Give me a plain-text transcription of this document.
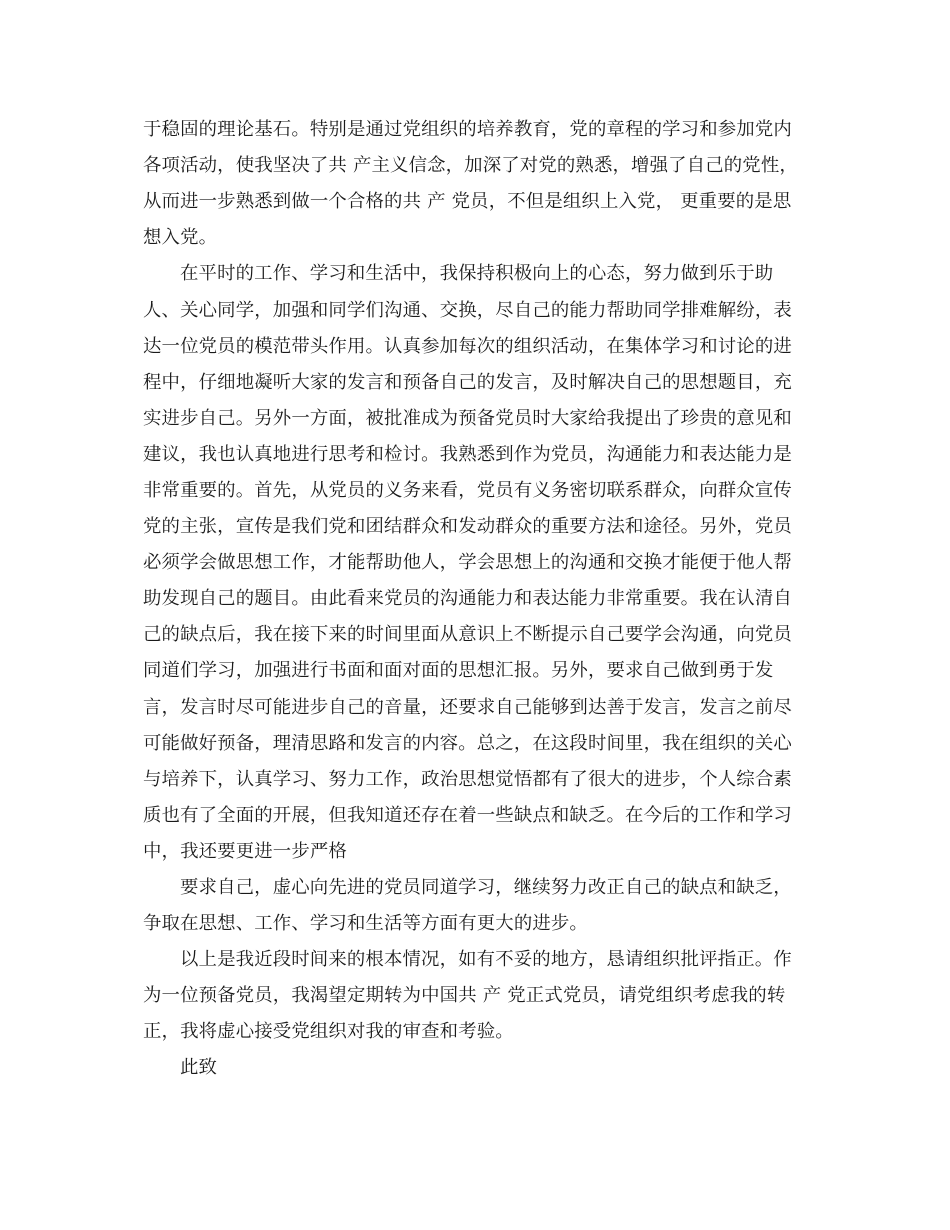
于稳固的理论基石。特别是通过党组织的培养教育，党的章程的学习和参加党内
各项活动，使我坚决了共 产主义信念，加深了对党的熟悉，增强了自己的党性，
从而进一步熟悉到做一个合格的共 产 党员，不但是组织上入党， 更重要的是思
想入党。
在平时的工作、学习和生活中，我保持积极向上的心态，努力做到乐于助
人、关心同学，加强和同学们沟通、交换，尽自己的能力帮助同学排难解纷，表
达一位党员的模范带头作用。认真参加每次的组织活动，在集体学习和讨论的进
程中，仔细地凝听大家的发言和预备自己的发言，及时解决自己的思想题目，充
实进步自己。另外一方面，被批准成为预备党员时大家给我提出了珍贵的意见和
建议，我也认真地进行思考和检讨。我熟悉到作为党员，沟通能力和表达能力是
非常重要的。首先，从党员的义务来看，党员有义务密切联系群众，向群众宣传
党的主张，宣传是我们党和团结群众和发动群众的重要方法和途径。另外，党员
必须学会做思想工作，才能帮助他人，学会思想上的沟通和交换才能便于他人帮
助发现自己的题目。由此看来党员的沟通能力和表达能力非常重要。我在认清自
己的缺点后，我在接下来的时间里面从意识上不断提示自己要学会沟通，向党员
同道们学习，加强进行书面和面对面的思想汇报。另外，要求自己做到勇于发
言，发言时尽可能进步自己的音量，还要求自己能够到达善于发言，发言之前尽
可能做好预备，理清思路和发言的内容。总之，在这段时间里，我在组织的关心
与培养下，认真学习、努力工作，政治思想觉悟都有了很大的进步，个人综合素
质也有了全面的开展，但我知道还存在着一些缺点和缺乏。在今后的工作和学习
中，我还要更进一步严格
要求自己，虚心向先进的党员同道学习，继续努力改正自己的缺点和缺乏，
争取在思想、工作、学习和生活等方面有更大的进步。
以上是我近段时间来的根本情况，如有不妥的地方，恳请组织批评指正。作
为一位预备党员，我渴望定期转为中国共 产 党正式党员，请党组织考虑我的转
正，我将虚心接受党组织对我的审查和考验。
此致
